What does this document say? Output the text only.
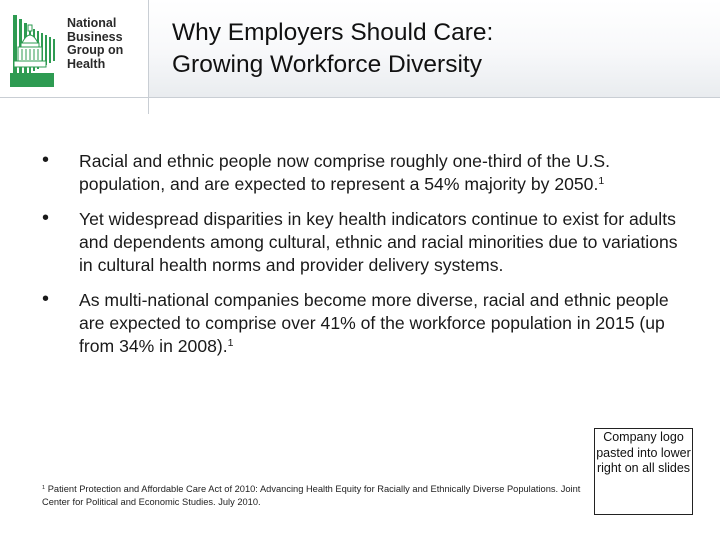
National
Business
Group on
Health
Why Employers Should Care:
Growing Workforce Diversity
• Racial and ethnic people now comprise roughly one-third of the U.S. population, and are expected to represent a 54% majority by 2050.$^1$
• Yet widespread disparities in key health indicators continue to exist for adults and dependents among cultural, ethnic and racial minorities due to variations in cultural health norms and provider delivery systems.
• As multi-national companies become more diverse, racial and ethnic people are expected to comprise over 41% of the workforce population in 2015 (up from 34% in 2008).$^1$
$^1$ Patient Protection and Affordable Care Act of 2010: Advancing Health Equity for Racially and Ethnically Diverse Populations. Joint Center for Political and Economic Studies. July 2010.
Company logo pasted into lower right on all slides
